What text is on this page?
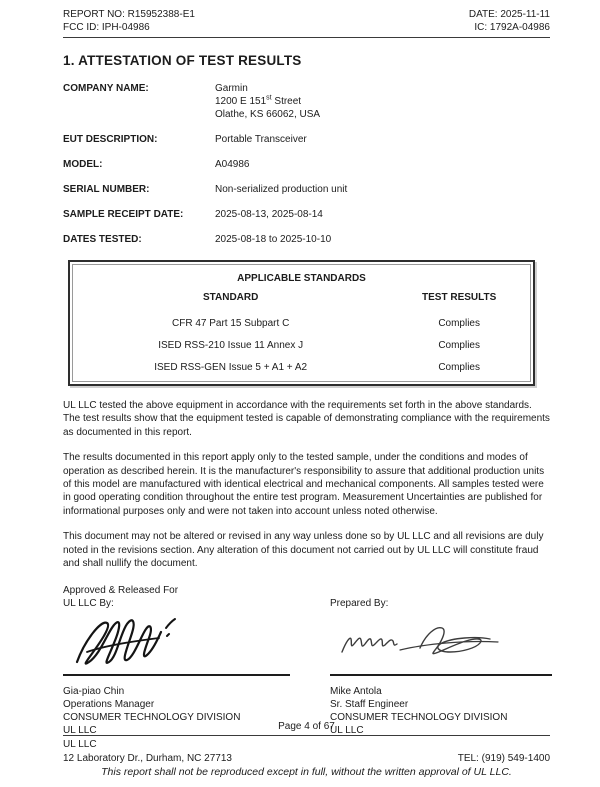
REPORT NO: R15952388-E1
FCC ID: IPH-04986
DATE: 2025-11-11
IC: 1792A-04986
1. ATTESTATION OF TEST RESULTS
COMPANY NAME:	Garmin
1200 E 151st Street
Olathe, KS 66062, USA
EUT DESCRIPTION:	Portable Transceiver
MODEL:	A04986
SERIAL NUMBER:	Non-serialized production unit
SAMPLE RECEIPT DATE:	2025-08-13, 2025-08-14
DATES TESTED:	2025-08-18 to 2025-10-10
APPLICABLE STANDARDS
STANDARD	TEST RESULTS
CFR 47 Part 15 Subpart C	Complies
ISED RSS-210 Issue 11 Annex J	Complies
ISED RSS-GEN Issue 5 + A1 + A2	Complies

UL LLC tested the above equipment in accordance with the requirements set forth in the above standards. The test results show that the equipment tested is capable of demonstrating compliance with the requirements as documented in this report.

The results documented in this report apply only to the tested sample, under the conditions and modes of operation as described herein. It is the manufacturer's responsibility to assure that additional production units of this model are manufactured with identical electrical and mechanical components. All samples tested were in good operating condition throughout the entire test program. Measurement Uncertainties are published for informational purposes only and were not taken into account unless noted otherwise.

This document may not be altered or revised in any way unless done so by UL LLC and all revisions are duly noted in the revisions section. Any alteration of this document not carried out by UL LLC will constitute fraud and shall nullify the document.

Approved & Released For
UL LLC By:
Gia-piao Chin
Operations Manager
CONSUMER TECHNOLOGY DIVISION
UL LLC
Prepared By:
Mike Antola
Sr. Staff Engineer
CONSUMER TECHNOLOGY DIVISION
UL LLC
Page 4 of 67
UL LLC
12 Laboratory Dr., Durham, NC 27713	TEL: (919) 549-1400
This report shall not be reproduced except in full, without the written approval of UL LLC.
